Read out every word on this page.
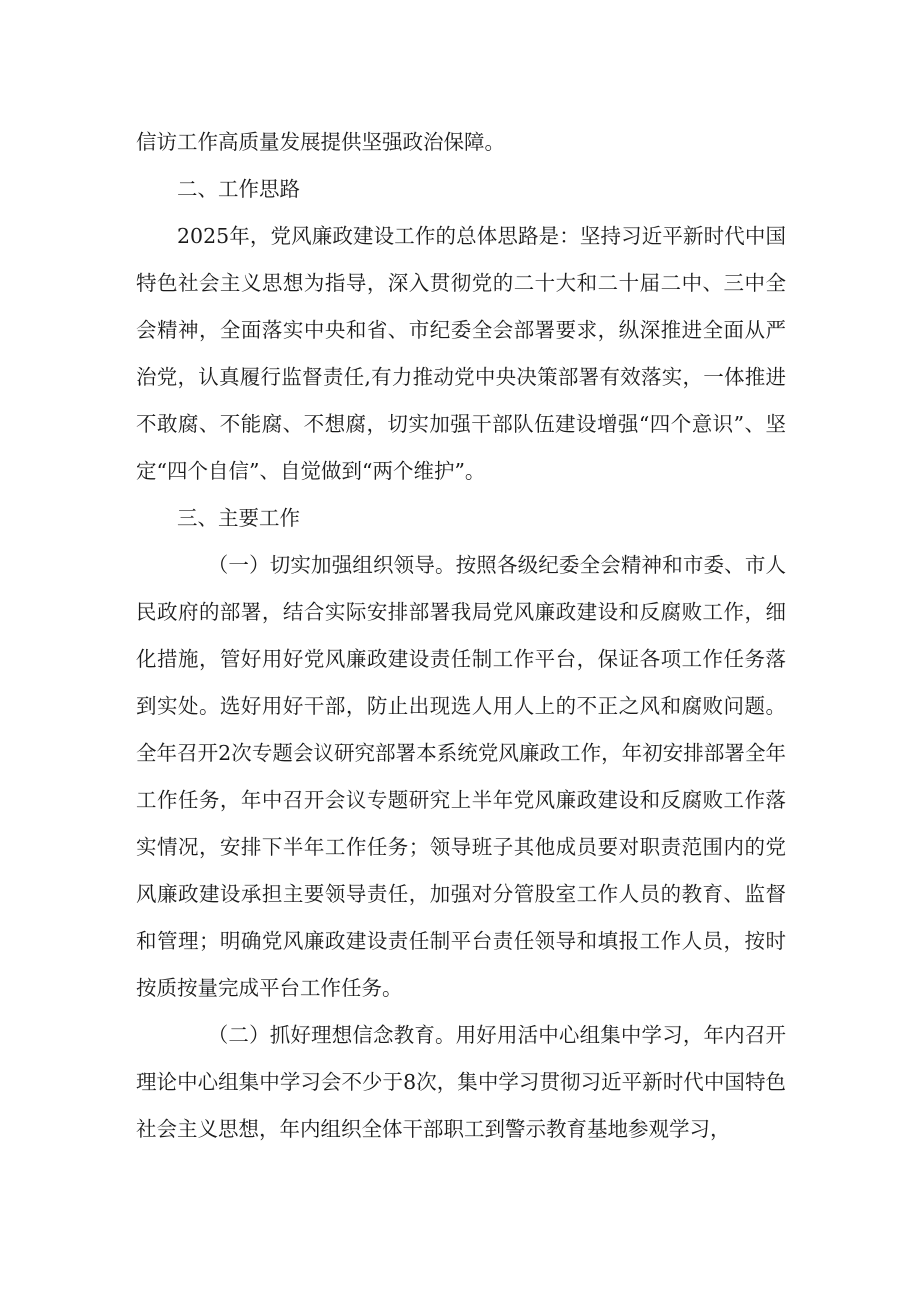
信访工作高质量发展提供坚强政治保障。

二、工作思路

2025年，党风廉政建设工作的总体思路是：坚持习近平新时代中国特色社会主义思想为指导，深入贯彻党的二十大和二十届二中、三中全会精神，全面落实中央和省、市纪委全会部署要求，纵深推进全面从严治党，认真履行监督责任,有力推动党中央决策部署有效落实，一体推进不敢腐、不能腐、不想腐，切实加强干部队伍建设增强“四个意识”、坚定“四个自信”、自觉做到“两个维护”。

三、主要工作

（一）切实加强组织领导。按照各级纪委全会精神和市委、市人民政府的部署，结合实际安排部署我局党风廉政建设和反腐败工作，细化措施，管好用好党风廉政建设责任制工作平台，保证各项工作任务落到实处。选好用好干部，防止出现选人用人上的不正之风和腐败问题。全年召开2次专题会议研究部署本系统党风廉政工作，年初安排部署全年工作任务，年中召开会议专题研究上半年党风廉政建设和反腐败工作落实情况，安排下半年工作任务；领导班子其他成员要对职责范围内的党风廉政建设承担主要领导责任，加强对分管股室工作人员的教育、监督和管理；明确党风廉政建设责任制平台责任领导和填报工作人员，按时按质按量完成平台工作任务。

（二）抓好理想信念教育。用好用活中心组集中学习，年内召开理论中心组集中学习会不少于8次，集中学习贯彻习近平新时代中国特色社会主义思想，年内组织全体干部职工到警示教育基地参观学习，
